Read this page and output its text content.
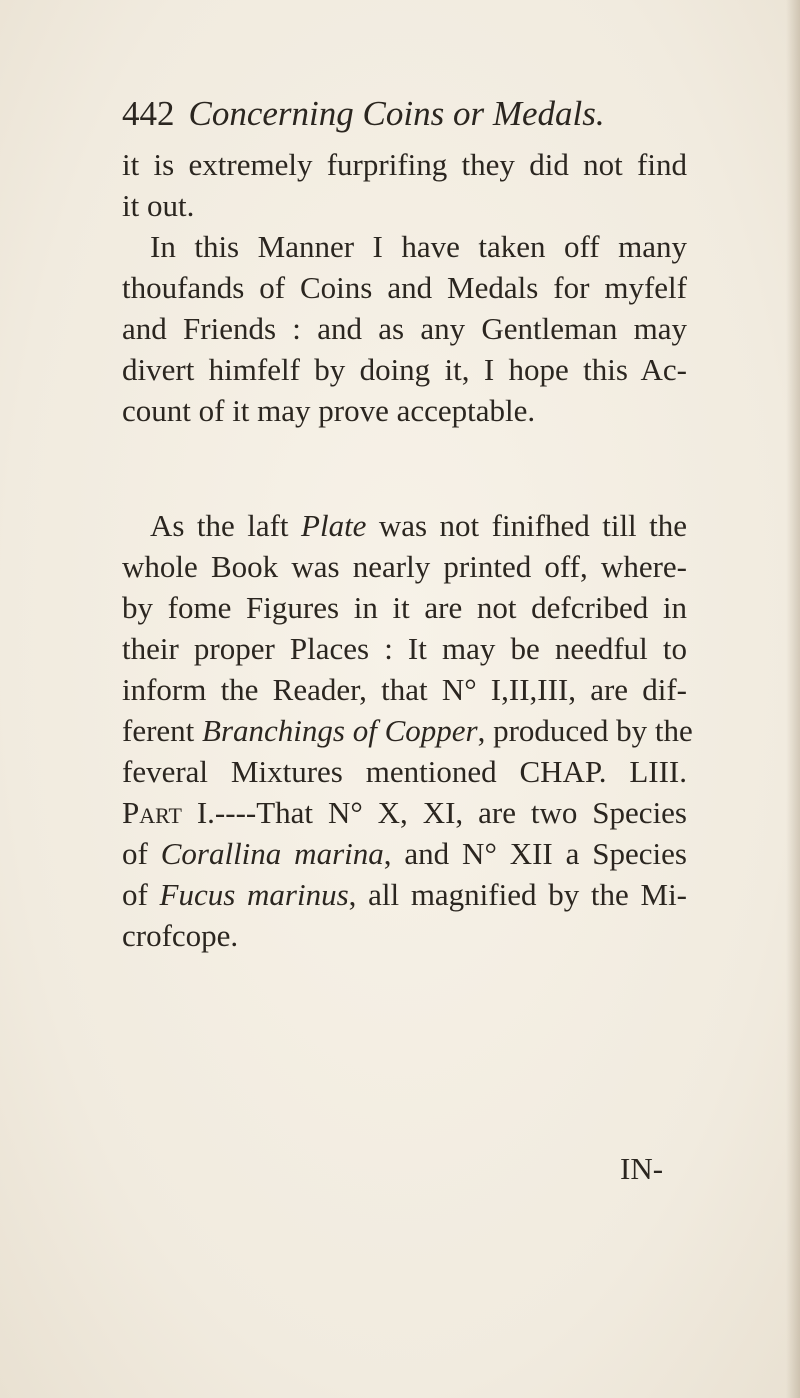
442 Concerning Coins or Medals.
it is extremely furprifing they did not find
it out.
In this Manner I have taken off many
thoufands of Coins and Medals for myfelf
and Friends : and as any Gentleman may
divert himfelf by doing it, I hope this Ac-
count of it may prove acceptable.
As the laft Plate was not finifhed till the
whole Book was nearly printed off, where-
by fome Figures in it are not defcribed in
their proper Places : It may be needful to
inform the Reader, that N° I,II,III, are dif-
ferent Branchings of Copper, produced by the
feveral Mixtures mentioned CHAP. LIII.
Part I.----That N° X, XI, are two Species
of Corallina marina, and N° XII a Species
of Fucus marinus, all magnified by the Mi-
crofcope.
IN-
